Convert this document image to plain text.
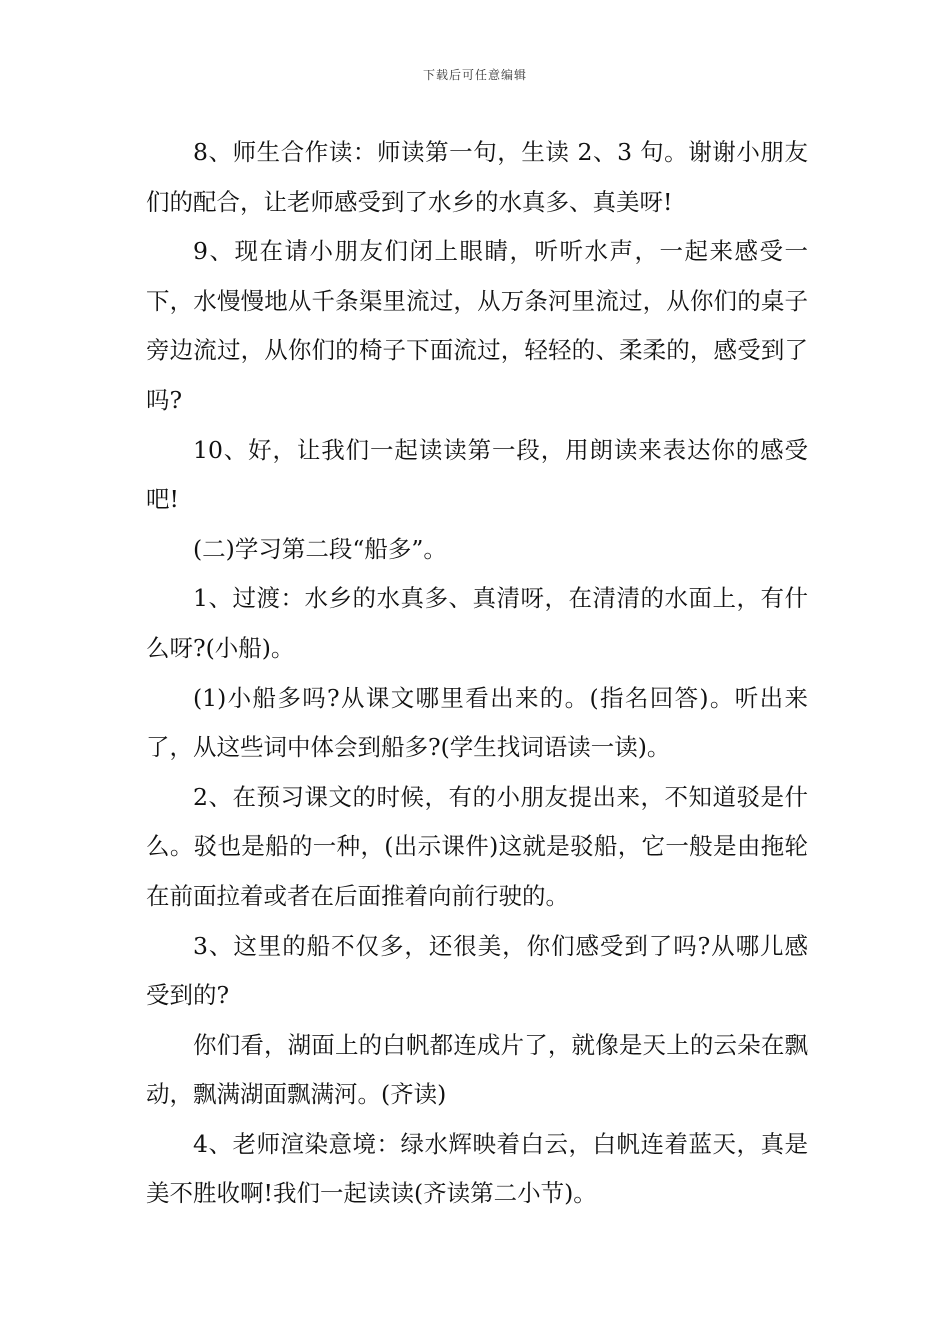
下载后可任意编辑

8、师生合作读：师读第一句，生读 2、3 句。谢谢小朋友们的配合，让老师感受到了水乡的水真多、真美呀!

9、现在请小朋友们闭上眼睛，听听水声，一起来感受一下，水慢慢地从千条渠里流过，从万条河里流过，从你们的桌子旁边流过，从你们的椅子下面流过，轻轻的、柔柔的，感受到了吗?

10、好，让我们一起读读第一段，用朗读来表达你的感受吧!

(二)学习第二段“船多”。

1、过渡：水乡的水真多、真清呀，在清清的水面上，有什么呀?(小船)。

(1)小船多吗?从课文哪里看出来的。(指名回答)。听出来了，从这些词中体会到船多?(学生找词语读一读)。

2、在预习课文的时候，有的小朋友提出来，不知道驳是什么。驳也是船的一种，(出示课件)这就是驳船，它一般是由拖轮在前面拉着或者在后面推着向前行驶的。

3、这里的船不仅多，还很美，你们感受到了吗?从哪儿感受到的?

你们看，湖面上的白帆都连成片了，就像是天上的云朵在飘动，飘满湖面飘满河。(齐读)

4、老师渲染意境：绿水辉映着白云，白帆连着蓝天，真是美不胜收啊!我们一起读读(齐读第二小节)。
